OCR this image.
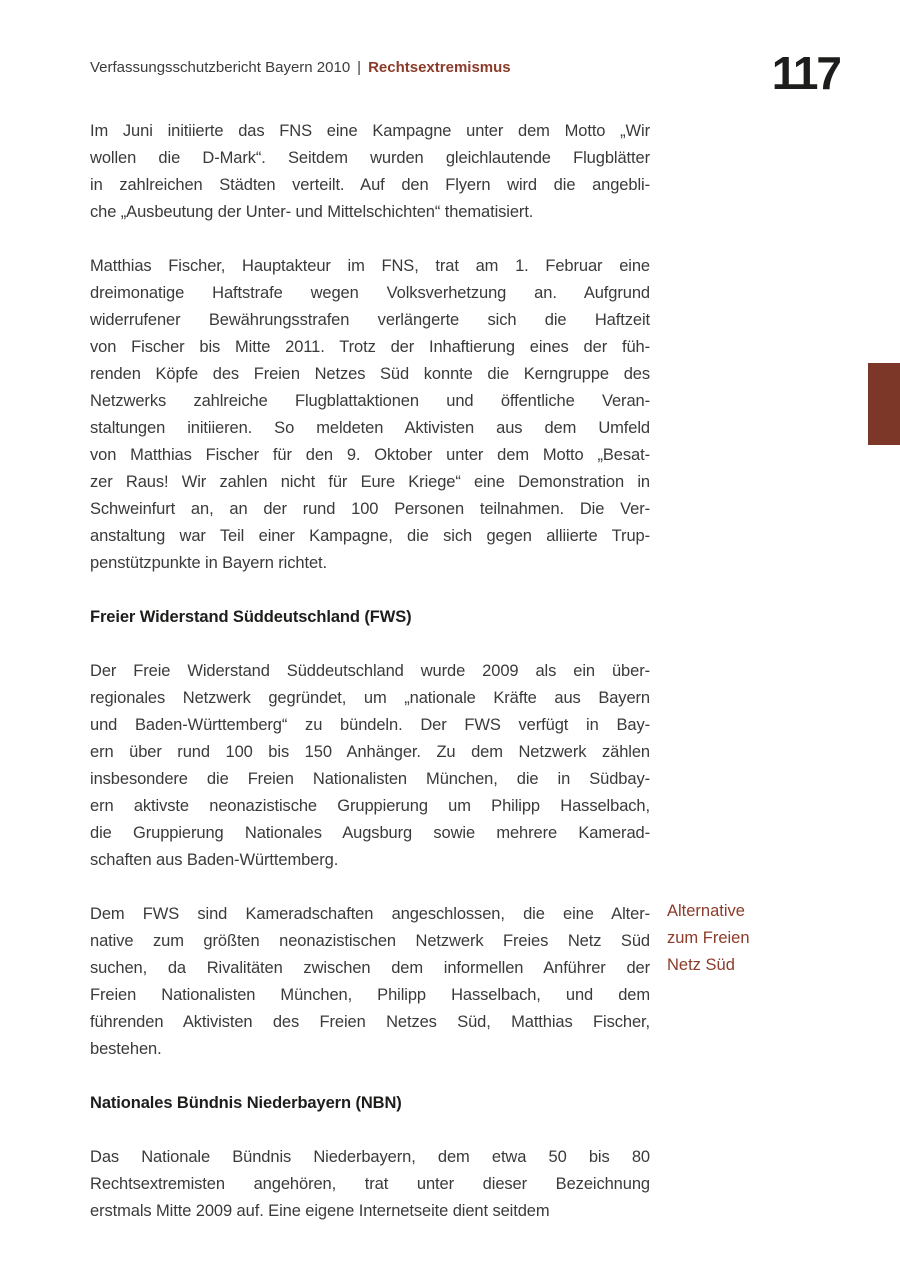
Verfassungsschutzbericht Bayern 2010 | Rechtsextremismus	117
Im Juni initiierte das FNS eine Kampagne unter dem Motto „Wir
wollen die D-Mark“. Seitdem wurden gleichlautende Flugblätter
in zahlreichen Städten verteilt. Auf den Flyern wird die angebli-
che „Ausbeutung der Unter- und Mittelschichten“ thematisiert.
Matthias Fischer, Hauptakteur im FNS, trat am 1. Februar eine
dreimonatige Haftstrafe wegen Volksverhetzung an. Aufgrund
widerrufener Bewährungsstrafen verlängerte sich die Haftzeit
von Fischer bis Mitte 2011. Trotz der Inhaftierung eines der füh-
renden Köpfe des Freien Netzes Süd konnte die Kerngruppe des
Netzwerks zahlreiche Flugblattaktionen und öffentliche Veran-
staltungen initiieren. So meldeten Aktivisten aus dem Umfeld
von Matthias Fischer für den 9. Oktober unter dem Motto „Besat-
zer Raus! Wir zahlen nicht für Eure Kriege“ eine Demonstration in
Schweinfurt an, an der rund 100 Personen teilnahmen. Die Ver-
anstaltung war Teil einer Kampagne, die sich gegen alliierte Trup-
penstützpunkte in Bayern richtet.
Freier Widerstand Süddeutschland (FWS)
Der Freie Widerstand Süddeutschland wurde 2009 als ein über-
regionales Netzwerk gegründet, um „nationale Kräfte aus Bayern
und Baden-Württemberg“ zu bündeln. Der FWS verfügt in Bay-
ern über rund 100 bis 150 Anhänger. Zu dem Netzwerk zählen
insbesondere die Freien Nationalisten München, die in Südbay-
ern aktivste neonazistische Gruppierung um Philipp Hasselbach,
die Gruppierung Nationales Augsburg sowie mehrere Kamerad-
schaften aus Baden-Württemberg.
Dem FWS sind Kameradschaften angeschlossen, die eine Alter-
native zum größten neonazistischen Netzwerk Freies Netz Süd
suchen, da Rivalitäten zwischen dem informellen Anführer der
Freien Nationalisten München, Philipp Hasselbach, und dem
führenden Aktivisten des Freien Netzes Süd, Matthias Fischer,
bestehen.
Nationales Bündnis Niederbayern (NBN)
Das Nationale Bündnis Niederbayern, dem etwa 50 bis 80
Rechtsextremisten angehören, trat unter dieser Bezeichnung
erstmals Mitte 2009 auf. Eine eigene Internetseite dient seitdem
Alternative
zum Freien
Netz Süd
